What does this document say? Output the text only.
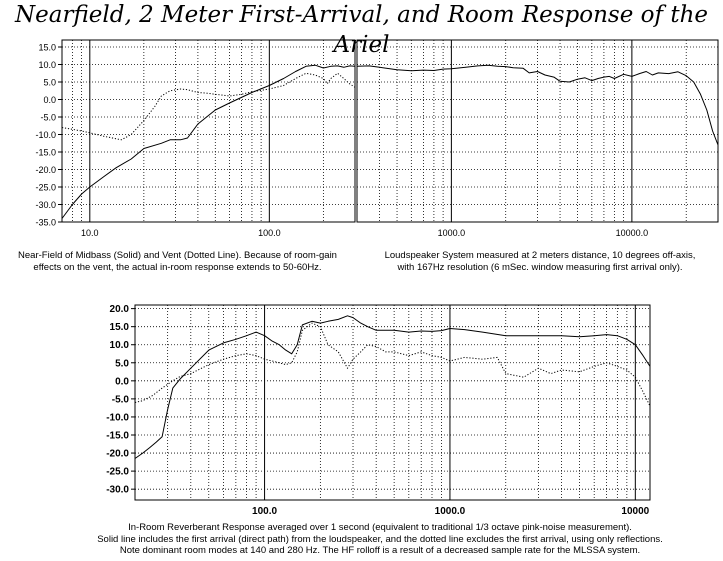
Nearfield, 2 Meter First-Arrival, and Room Response of the Ariel
15.0
10.0
5.0
0.0
-5.0
-10.0
-15.0
-20.0
-25.0
-30.0
-35.0
10.0	100.0	1000.0	10000.0
20.0
15.0
10.0
5.0
0.0
-5.0
-10.0
-15.0
-20.0
-25.0
-30.0
100.0	1000.0	10000
Near-Field of Midbass (Solid) and Vent (Dotted Line). Because of room-gain
effects on the vent, the actual in-room response extends to 50-60Hz.
Loudspeaker System measured at 2 meters distance, 10 degrees off-axis,
with 167Hz resolution (6 mSec. window measuring first arrival only).
In-Room Reverberant Response averaged over 1 second (equivalent to traditional 1/3 octave pink-noise measurement).
Solid line includes the first arrival (direct path) from the loudspeaker, and the dotted line excludes the first arrival, using only reflections.
Note dominant room modes at 140 and 280 Hz. The HF rolloff is a result of a decreased sample rate for the MLSSA system.
